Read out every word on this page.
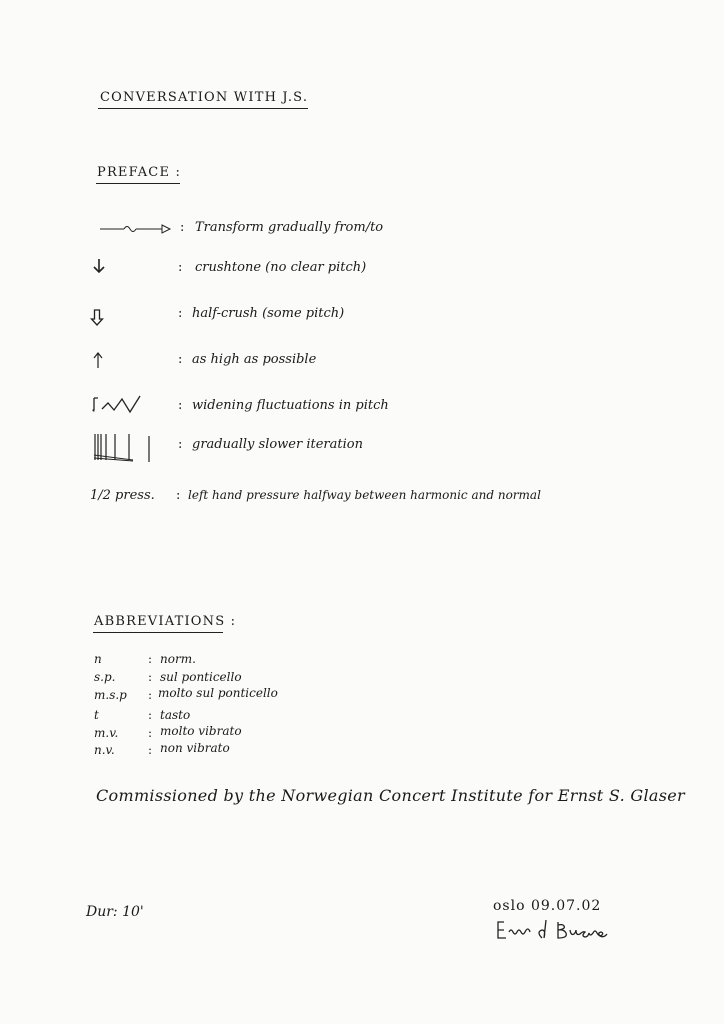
CONVERSATION WITH J.S.
PREFACE :
: Transform gradually from/to
: crushtone (no clear pitch)
: half-crush (some pitch)
: as high as possible
: widening fluctuations in pitch
: gradually slower iteration
1/2 press. : left hand pressure halfway between harmonic and normal
ABBREVIATIONS :
n	: norm.
s.p.	: sul ponticello
m.s.p : molto sul ponticello
t	: tasto
m.v. : molto vibrato
n.v.	: non vibrato
Commissioned by the Norwegian Concert Institute for Ernst S. Glaser
Dur: 10'	oslo 09.07.02
